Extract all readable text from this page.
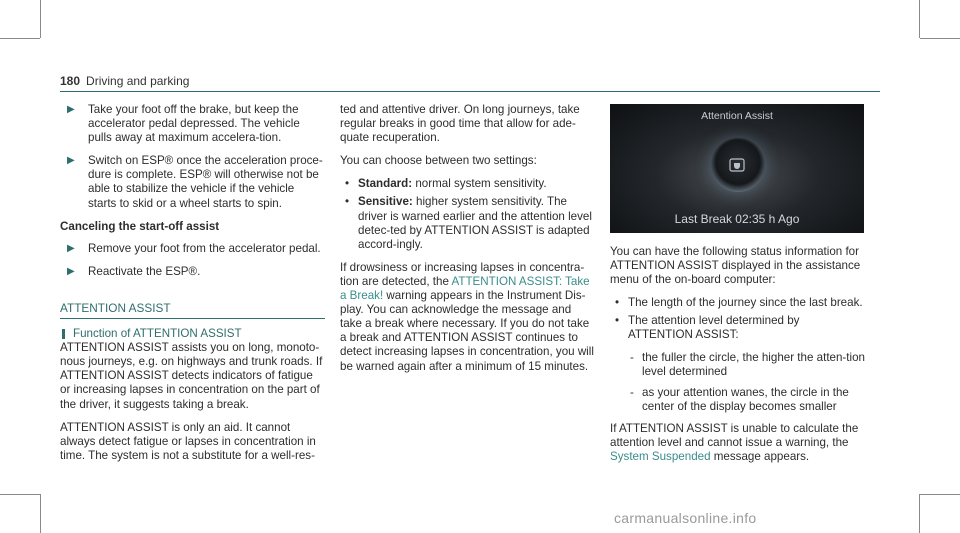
180 Driving and parking
▶ Take your foot off the brake, but keep the accelerator pedal depressed. The vehicle pulls away at maximum accelera-tion.
▶ Switch on ESP® once the acceleration proce-dure is complete. ESP® will otherwise not be able to stabilize the vehicle if the vehicle starts to skid or a wheel starts to spin.
Canceling the start-off assist
▶ Remove your foot from the accelerator pedal.
▶ Reactivate the ESP®.
ATTENTION ASSIST
Function of ATTENTION ASSIST

ATTENTION ASSIST assists you on long, monoto-nous journeys, e.g. on highways and trunk roads. If ATTENTION ASSIST detects indicators of fatigue or increasing lapses in concentration on the part of the driver, it suggests taking a break.

ATTENTION ASSIST is only an aid. It cannot always detect fatigue or lapses in concentration in time. The system is not a substitute for a well-res-

ted and attentive driver. On long journeys, take regular breaks in good time that allow for ade-quate recuperation.

You can choose between two settings:

• Standard: normal system sensitivity.
• Sensitive: higher system sensitivity. The driver is warned earlier and the attention level detec-ted by ATTENTION ASSIST is adapted accord-ingly.

If drowsiness or increasing lapses in concentra-tion are detected, the ATTENTION ASSIST: Take a Break! warning appears in the Instrument Dis-play. You can acknowledge the message and take a break where necessary. If you do not take a break and ATTENTION ASSIST continues to detect increasing lapses in concentration, you will be warned again after a minimum of 15 minutes.

Attention Assist
Last Break 02:35 h Ago

You can have the following status information for ATTENTION ASSIST displayed in the assistance menu of the on-board computer:

• The length of the journey since the last break.
• The attention level determined by ATTENTION ASSIST:
- the fuller the circle, the higher the atten-tion level determined
- as your attention wanes, the circle in the center of the display becomes smaller

If ATTENTION ASSIST is unable to calculate the attention level and cannot issue a warning, the System Suspended message appears.

carmanualsonline.info
